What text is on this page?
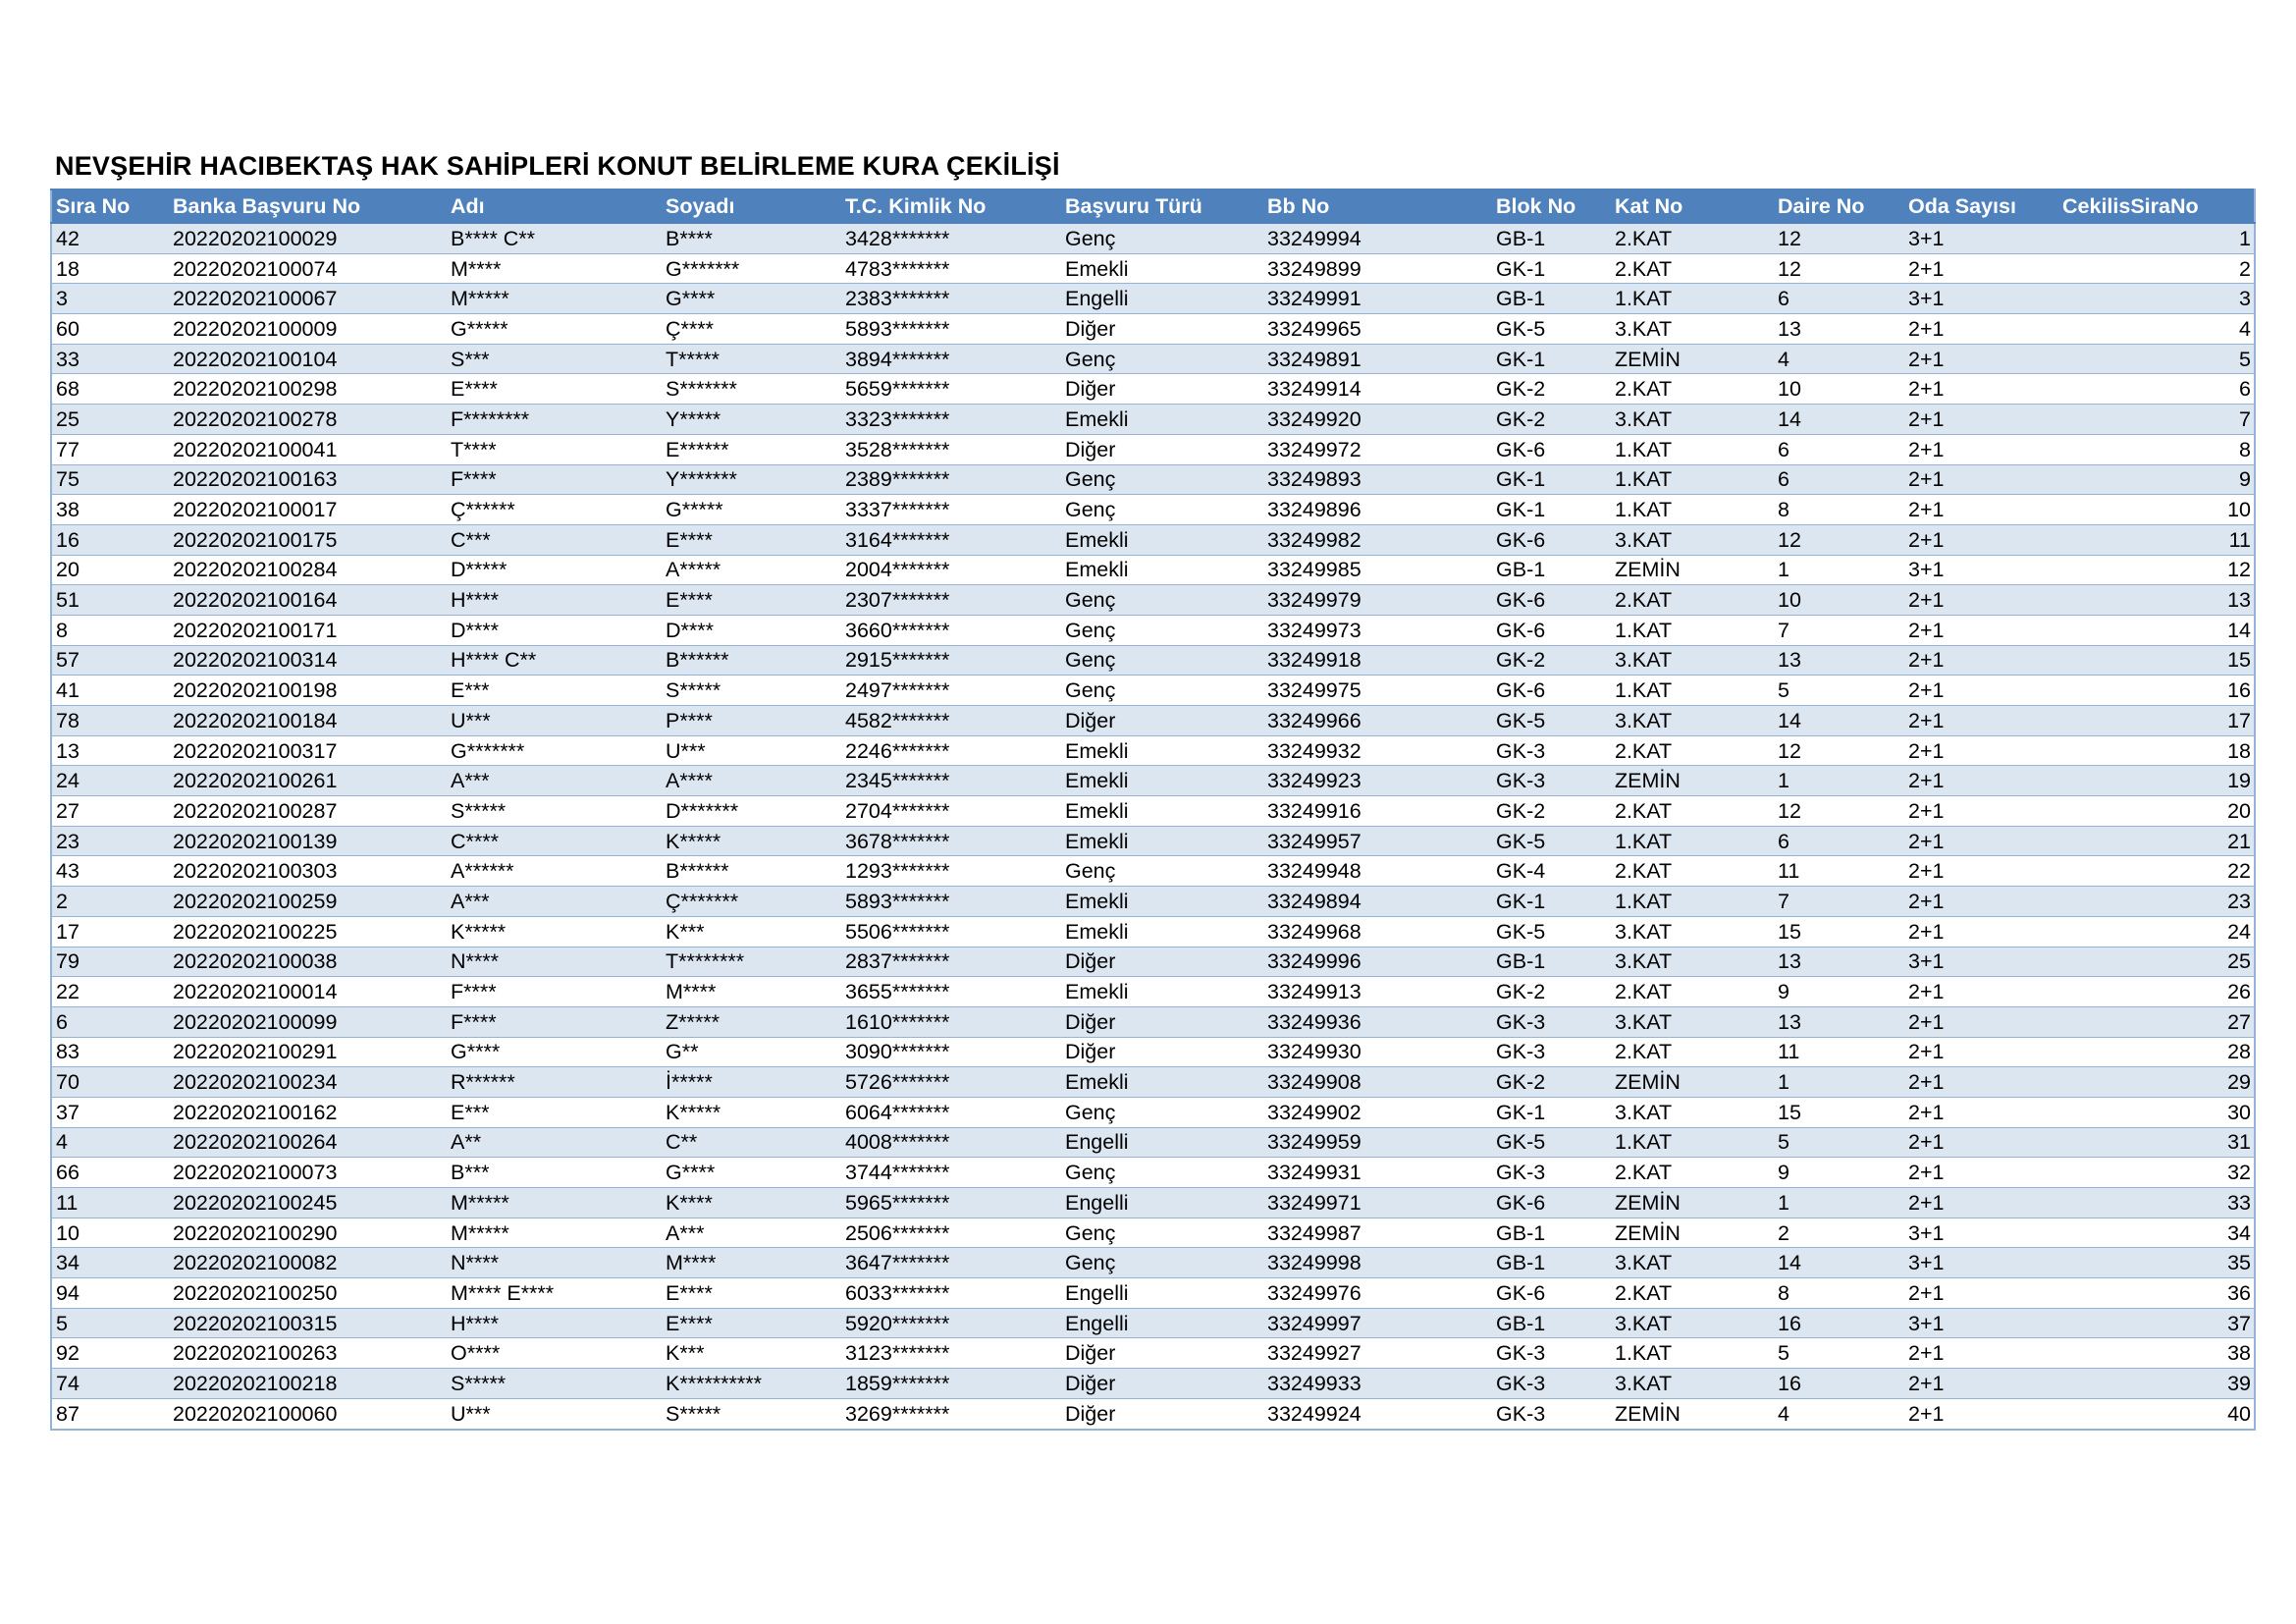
NEVŞEHİR HACIBEKTAŞ HAK SAHİPLERİ KONUT BELİRLEME KURA ÇEKİLİŞİ
Sıra No	Banka Başvuru No	Adı	Soyadı	T.C. Kimlik No	Başvuru Türü	Bb No	Blok No	Kat No	Daire No	Oda Sayısı	CekilisSiraNo
42	20220202100029	B**** C**	B****	3428*******	Genç	33249994	GB-1	2.KAT	12	3+1	1
18	20220202100074	M****	G*******	4783*******	Emekli	33249899	GK-1	2.KAT	12	2+1	2
3	20220202100067	M*****	G****	2383*******	Engelli	33249991	GB-1	1.KAT	6	3+1	3
60	20220202100009	G*****	Ç****	5893*******	Diğer	33249965	GK-5	3.KAT	13	2+1	4
33	20220202100104	S***	T*****	3894*******	Genç	33249891	GK-1	ZEMİN	4	2+1	5
68	20220202100298	E****	S*******	5659*******	Diğer	33249914	GK-2	2.KAT	10	2+1	6
25	20220202100278	F********	Y*****	3323*******	Emekli	33249920	GK-2	3.KAT	14	2+1	7
77	20220202100041	T****	E******	3528*******	Diğer	33249972	GK-6	1.KAT	6	2+1	8
75	20220202100163	F****	Y*******	2389*******	Genç	33249893	GK-1	1.KAT	6	2+1	9
38	20220202100017	Ç******	G*****	3337*******	Genç	33249896	GK-1	1.KAT	8	2+1	10
16	20220202100175	C***	E****	3164*******	Emekli	33249982	GK-6	3.KAT	12	2+1	11
20	20220202100284	D*****	A*****	2004*******	Emekli	33249985	GB-1	ZEMİN	1	3+1	12
51	20220202100164	H****	E****	2307*******	Genç	33249979	GK-6	2.KAT	10	2+1	13
8	20220202100171	D****	D****	3660*******	Genç	33249973	GK-6	1.KAT	7	2+1	14
57	20220202100314	H**** C**	B******	2915*******	Genç	33249918	GK-2	3.KAT	13	2+1	15
41	20220202100198	E***	S*****	2497*******	Genç	33249975	GK-6	1.KAT	5	2+1	16
78	20220202100184	U***	P****	4582*******	Diğer	33249966	GK-5	3.KAT	14	2+1	17
13	20220202100317	G*******	U***	2246*******	Emekli	33249932	GK-3	2.KAT	12	2+1	18
24	20220202100261	A***	A****	2345*******	Emekli	33249923	GK-3	ZEMİN	1	2+1	19
27	20220202100287	S*****	D*******	2704*******	Emekli	33249916	GK-2	2.KAT	12	2+1	20
23	20220202100139	C****	K*****	3678*******	Emekli	33249957	GK-5	1.KAT	6	2+1	21
43	20220202100303	A******	B******	1293*******	Genç	33249948	GK-4	2.KAT	11	2+1	22
2	20220202100259	A***	Ç*******	5893*******	Emekli	33249894	GK-1	1.KAT	7	2+1	23
17	20220202100225	K*****	K***	5506*******	Emekli	33249968	GK-5	3.KAT	15	2+1	24
79	20220202100038	N****	T********	2837*******	Diğer	33249996	GB-1	3.KAT	13	3+1	25
22	20220202100014	F****	M****	3655*******	Emekli	33249913	GK-2	2.KAT	9	2+1	26
6	20220202100099	F****	Z*****	1610*******	Diğer	33249936	GK-3	3.KAT	13	2+1	27
83	20220202100291	G****	G**	3090*******	Diğer	33249930	GK-3	2.KAT	11	2+1	28
70	20220202100234	R******	İ*****	5726*******	Emekli	33249908	GK-2	ZEMİN	1	2+1	29
37	20220202100162	E***	K*****	6064*******	Genç	33249902	GK-1	3.KAT	15	2+1	30
4	20220202100264	A**	C**	4008*******	Engelli	33249959	GK-5	1.KAT	5	2+1	31
66	20220202100073	B***	G****	3744*******	Genç	33249931	GK-3	2.KAT	9	2+1	32
11	20220202100245	M*****	K****	5965*******	Engelli	33249971	GK-6	ZEMİN	1	2+1	33
10	20220202100290	M*****	A***	2506*******	Genç	33249987	GB-1	ZEMİN	2	3+1	34
34	20220202100082	N****	M****	3647*******	Genç	33249998	GB-1	3.KAT	14	3+1	35
94	20220202100250	M**** E****	E****	6033*******	Engelli	33249976	GK-6	2.KAT	8	2+1	36
5	20220202100315	H****	E****	5920*******	Engelli	33249997	GB-1	3.KAT	16	3+1	37
92	20220202100263	O****	K***	3123*******	Diğer	33249927	GK-3	1.KAT	5	2+1	38
74	20220202100218	S*****	K**********	1859*******	Diğer	33249933	GK-3	3.KAT	16	2+1	39
87	20220202100060	U***	S*****	3269*******	Diğer	33249924	GK-3	ZEMİN	4	2+1	40
